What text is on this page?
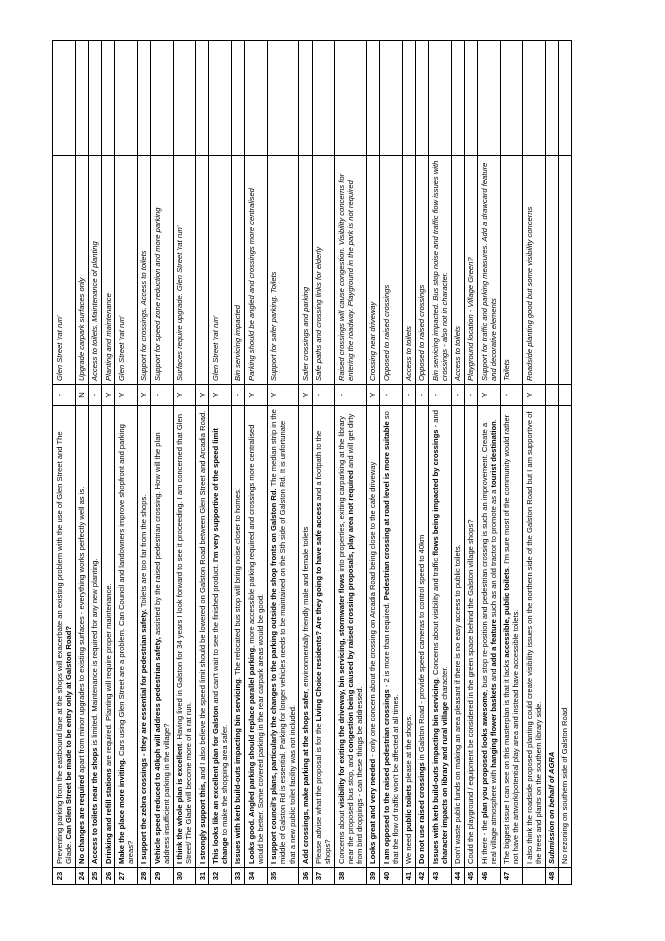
23	Preventing parking from the eastbound lane at the shops will exacerbate an existing problem with the use of Glen Street and The Glade. Can Glen Street be made to be entry only at Galston Road?	-	Glen Street 'rat run'	
24	No changes are required apart from minor upgrades to existing surfaces - everything works perfectly well as is.	N	Upgrade carpark surfaces only	
25	Access to toilets near the shops is limited. Maintenance is required for any new planting.	-	Access to toilets. Maintenance of planting	
26	Drinking and refill stations are required. Planting will require proper maintenance.	Y	Planting and maintenance	
27	Make the place more inviting. Cars using Glen Street are a problem. Can Council and landowners improve shopfront and parking areas?	Y	Glen Street 'rat run'	
28	I support the zebra crossings - they are essential for pedestrian safety. Toilets are too far from the shops.	Y	Support for crossings. Access to toilets	
29	Vehicle speed reduced to 40kph will address pedestrian safety, assisted by the raised pedestrian crossing. How will the plan address insufficient parking in the village?	-	Support for speed zone reduction and more parking	
30	I think the whole plan is excellent. Having lived in Galston for 34 years I look forward to see it proceeding. I am concerned that Glen Street/ The Glade will become more of a rat run.	Y	Surfaces require upgrade. Glen Street 'rat run'	
31	I strongly support this, and I also believe the speed limit should be lowered on Galston Road between Glen Street and Arcadia Road.	Y		
32	This looks like an excellent plan for Galston and can't wait to see the finished product. I'm very supportive of the speed limit change to make the shopping area safer.	Y	Glen Street 'rat run'	
33	Issues with kerb build-outs impacting bin servicing. The relocated bus stop will bring noise closer to homes.	-	Bin servicing impacted	
34	Looks good. Angled parking should replace parallel parking, more accessible parking required and crossings more centralised would be better. Some covered parking in the rear carpark areas would be good.	Y	Parking should be angled and crossings more centralised	
35	I support council's plans, particularly the changes to the parking outside the shop fronts on Galston Rd. The median strip in the middle of Galston Rd is essential. Parking for longer vehicles needs to be maintained on the Sth side of Galston Rd. It is unfortunate that a new public toilet facility was not included.	Y	Support for safer parking. Toilets	
36	Add crossings, make parking at the shops safer, environmentally friendly male and female toilets	Y	Safer crossings and parking	
37	Please advise what the proposal is for the Living Choice residents? Are they going to have safe access and a footpath to the shops?	-	Safe paths and crossing links for elderly	
38	Concerns about visibility for exiting the driveway, bin servicing, stormwater flows into properties, exiting carparking at the library near the proposed bus stop, and congestion being caused by raised crossing proposals, play area not required and will get dirty from bird droppings - can these things be addressed.	-	Raised crossings will cause congestion. Visibility concerns for entering the roadway. Playground in the park is not required	
39	Looks great and very needed - only one concern about the crossing on Arcadia Road being close to the cafe driveway	Y	Crossing near driveway	
40	I am opposed to the raised pedestrian crossings - 2 is more than required. Pedestrian crossing at road level is more suitable so that the flow of traffic won't be affected at all times.	-	Opposed to raised crossings	
41	We need public toilets please at the shops.	-	Access to toilets	
42	Do not use raised crossings in Galston Road - provide speed cameras to control speed to 40km	-	Opposed to raised crossings	
43	Issues with kerb build-outs impacting bin servicing. Concerns about visibility and traffic flows being impacted by crossings - and character impacts on library and rural village character.	-	Bin servicing impacted. Bus stop noise and traffic flow issues with crossings - also not in character.	
44	Don't waste public funds on making an area pleasant if there is no easy access to public toilets.	-	Access to toilets	
45	Could the playground / equipment be considered in the green space behind the Galston village shops?	-	Playground location - Village Green?	
46	Hi there - the plan you proposed looks awesome, bus stop re-position and pedestrian crossing is such an improvement. Create a real village atmosphere with hanging flower baskets and add a feature such as an old tractor to promote as a tourist destination.	Y	Support for traffic and parking measures. Add a drawcard feature and decorative elements	
47	The biggest issue I can see on this masterplan is that it lacks accessible, public toilets. I'm sure most of the community would rather not have the artwork/potential play area and instead have accessible toilets.	-	Toilets	
	I also think the roadside proposed planting could create visibility issues on the northern side of the Galston Road but I am supportive of the trees and plants on the southern library side.	Y	Roadside planting good but some visibility concerns	
48	Submission on behalf of AGRA			
	No rezoning on southern side of Galston Road			
